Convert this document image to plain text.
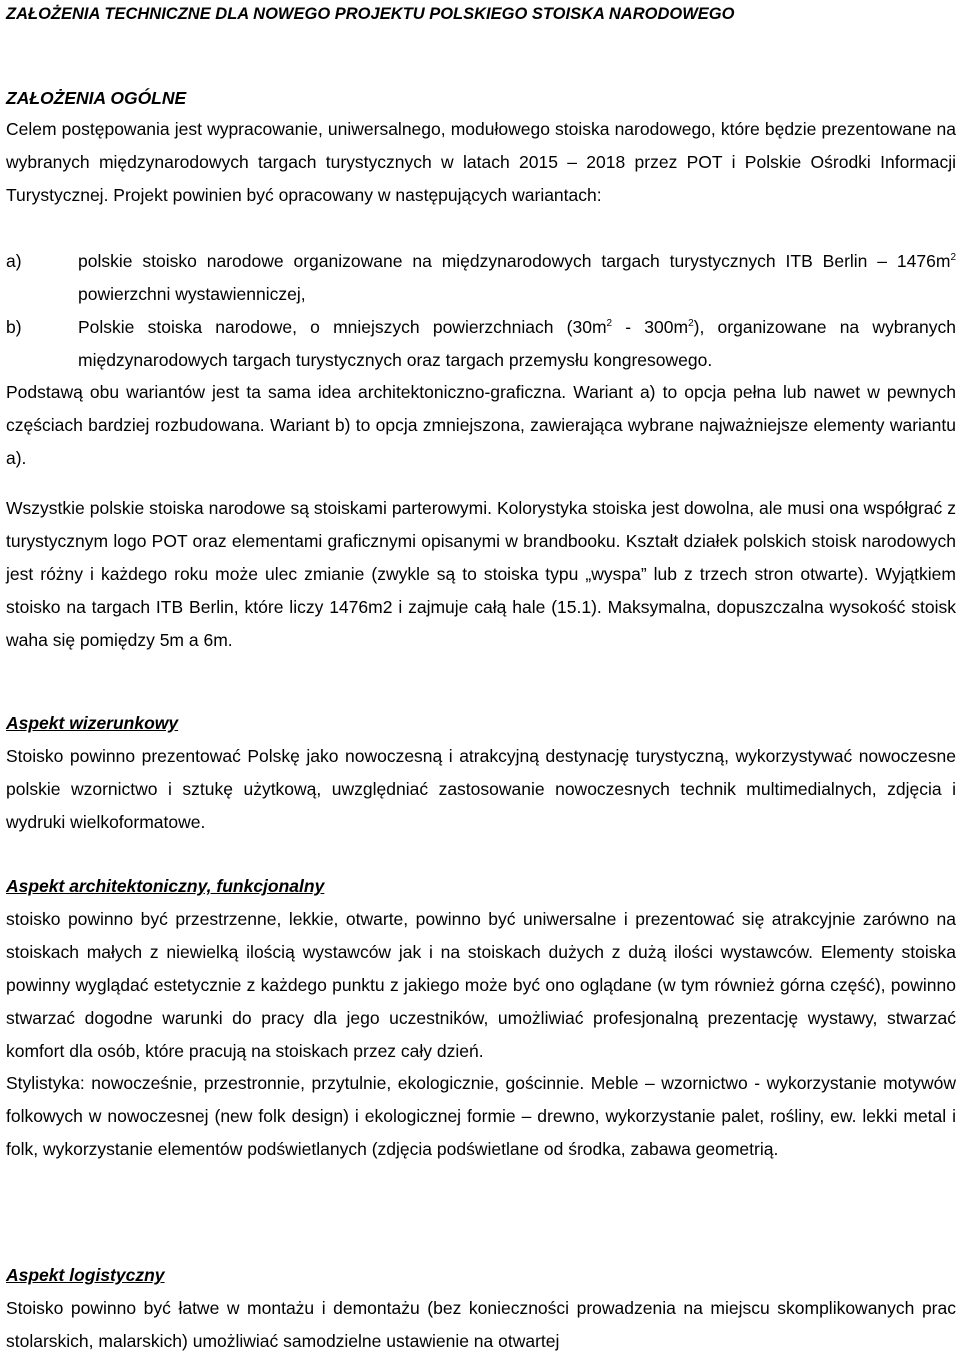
ZAŁOŻENIA TECHNICZNE DLA NOWEGO PROJEKTU POLSKIEGO STOISKA NARODOWEGO
ZAŁOŻENIA OGÓLNE
Celem postępowania jest wypracowanie, uniwersalnego, modułowego stoiska narodowego, które będzie prezentowane na wybranych międzynarodowych targach turystycznych w latach 2015 – 2018 przez POT i Polskie Ośrodki Informacji Turystycznej. Projekt powinien być opracowany w następujących wariantach:
a)	polskie stoisko narodowe organizowane na międzynarodowych targach turystycznych ITB Berlin – $1476m^2$ powierzchni wystawienniczej,
b)	Polskie stoiska narodowe, o mniejszych powierzchniach $(30m^2 - 300m^2)$, organizowane na wybranych międzynarodowych targach turystycznych oraz targach przemysłu kongresowego.
Podstawą obu wariantów jest ta sama idea architektoniczno-graficzna. Wariant a) to opcja pełna lub nawet w pewnych częściach bardziej rozbudowana. Wariant b) to opcja zmniejszona, zawierająca wybrane najważniejsze elementy wariantu a).
Wszystkie polskie stoiska narodowe są stoiskami parterowymi. Kolorystyka stoiska jest dowolna, ale musi ona współgrać z turystycznym logo POT oraz elementami graficznymi opisanymi w brandbooku. Kształt działek polskich stoisk narodowych jest różny i każdego roku może ulec zmianie (zwykle są to stoiska typu „wyspa” lub z trzech stron otwarte). Wyjątkiem stoisko na targach ITB Berlin, które liczy 1476m2 i zajmuje całą hale (15.1). Maksymalna, dopuszczalna wysokość stoisk waha się pomiędzy 5m a 6m.
Aspekt wizerunkowy
Stoisko powinno prezentować Polskę jako nowoczesną i atrakcyjną destynację turystyczną, wykorzystywać nowoczesne polskie wzornictwo i sztukę użytkową, uwzględniać zastosowanie nowoczesnych technik multimedialnych, zdjęcia i wydruki wielkoformatowe.
Aspekt architektoniczny, funkcjonalny
stoisko powinno być przestrzenne, lekkie, otwarte, powinno być uniwersalne i prezentować się atrakcyjnie zarówno na stoiskach małych z niewielką ilością wystawców jak i na stoiskach dużych z dużą ilości wystawców. Elementy stoiska powinny wyglądać estetycznie z każdego punktu z jakiego może być ono oglądane (w tym również górna część), powinno stwarzać dogodne warunki do pracy dla jego uczestników, umożliwiać profesjonalną prezentację wystawy, stwarzać komfort dla osób, które pracują na stoiskach przez cały dzień.
Stylistyka: nowocześnie, przestronnie, przytulnie, ekologicznie, gościnnie. Meble – wzornictwo - wykorzystanie motywów folkowych w nowoczesnej (new folk design) i ekologicznej formie – drewno, wykorzystanie palet, rośliny, ew. lekki metal i folk, wykorzystanie elementów podświetlanych (zdjęcia podświetlane od środka, zabawa geometrią.
Aspekt logistyczny
Stoisko powinno być łatwe w montażu i demontażu (bez konieczności prowadzenia na miejscu skomplikowanych prac stolarskich, malarskich) umożliwiać samodzielne ustawienie na otwartej
